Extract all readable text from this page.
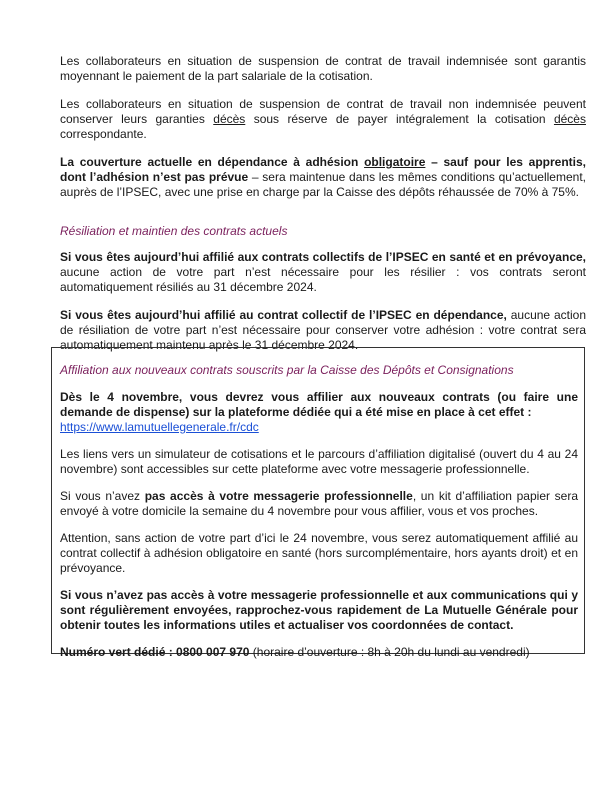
Les collaborateurs en situation de suspension de contrat de travail indemnisée sont garantis moyennant le paiement de la part salariale de la cotisation.

Les collaborateurs en situation de suspension de contrat de travail non indemnisée peuvent conserver leurs garanties décès sous réserve de payer intégralement la cotisation décès correspondante.

La couverture actuelle en dépendance à adhésion obligatoire – sauf pour les apprentis, dont l’adhésion n’est pas prévue – sera maintenue dans les mêmes conditions qu’actuellement, auprès de l’IPSEC, avec une prise en charge par la Caisse des dépôts réhaussée de 70% à 75%.

Résiliation et maintien des contrats actuels

Si vous êtes aujourd’hui affilié aux contrats collectifs de l’IPSEC en santé et en prévoyance, aucune action de votre part n’est nécessaire pour les résilier : vos contrats seront automatiquement résiliés au 31 décembre 2024.

Si vous êtes aujourd’hui affilié au contrat collectif de l’IPSEC en dépendance, aucune action de résiliation de votre part n’est nécessaire pour conserver votre adhésion : votre contrat sera automatiquement maintenu après le 31 décembre 2024.

Affiliation aux nouveaux contrats souscrits par la Caisse des Dépôts et Consignations

Dès le 4 novembre, vous devrez vous affilier aux nouveaux contrats (ou faire une demande de dispense) sur la plateforme dédiée qui a été mise en place à cet effet :
https://www.lamutuellegenerale.fr/cdc

Les liens vers un simulateur de cotisations et le parcours d’affiliation digitalisé (ouvert du 4 au 24 novembre) sont accessibles sur cette plateforme avec votre messagerie professionnelle.

Si vous n’avez pas accès à votre messagerie professionnelle, un kit d’affiliation papier sera envoyé à votre domicile la semaine du 4 novembre pour vous affilier, vous et vos proches.

Attention, sans action de votre part d’ici le 24 novembre, vous serez automatiquement affilié au contrat collectif à adhésion obligatoire en santé (hors surcomplémentaire, hors ayants droit) et en prévoyance.

Si vous n’avez pas accès à votre messagerie professionnelle et aux communications qui y sont régulièrement envoyées, rapprochez-vous rapidement de La Mutuelle Générale pour obtenir toutes les informations utiles et actualiser vos coordonnées de contact.

Numéro vert dédié : 0800 007 970 (horaire d’ouverture : 8h à 20h du lundi au vendredi)
